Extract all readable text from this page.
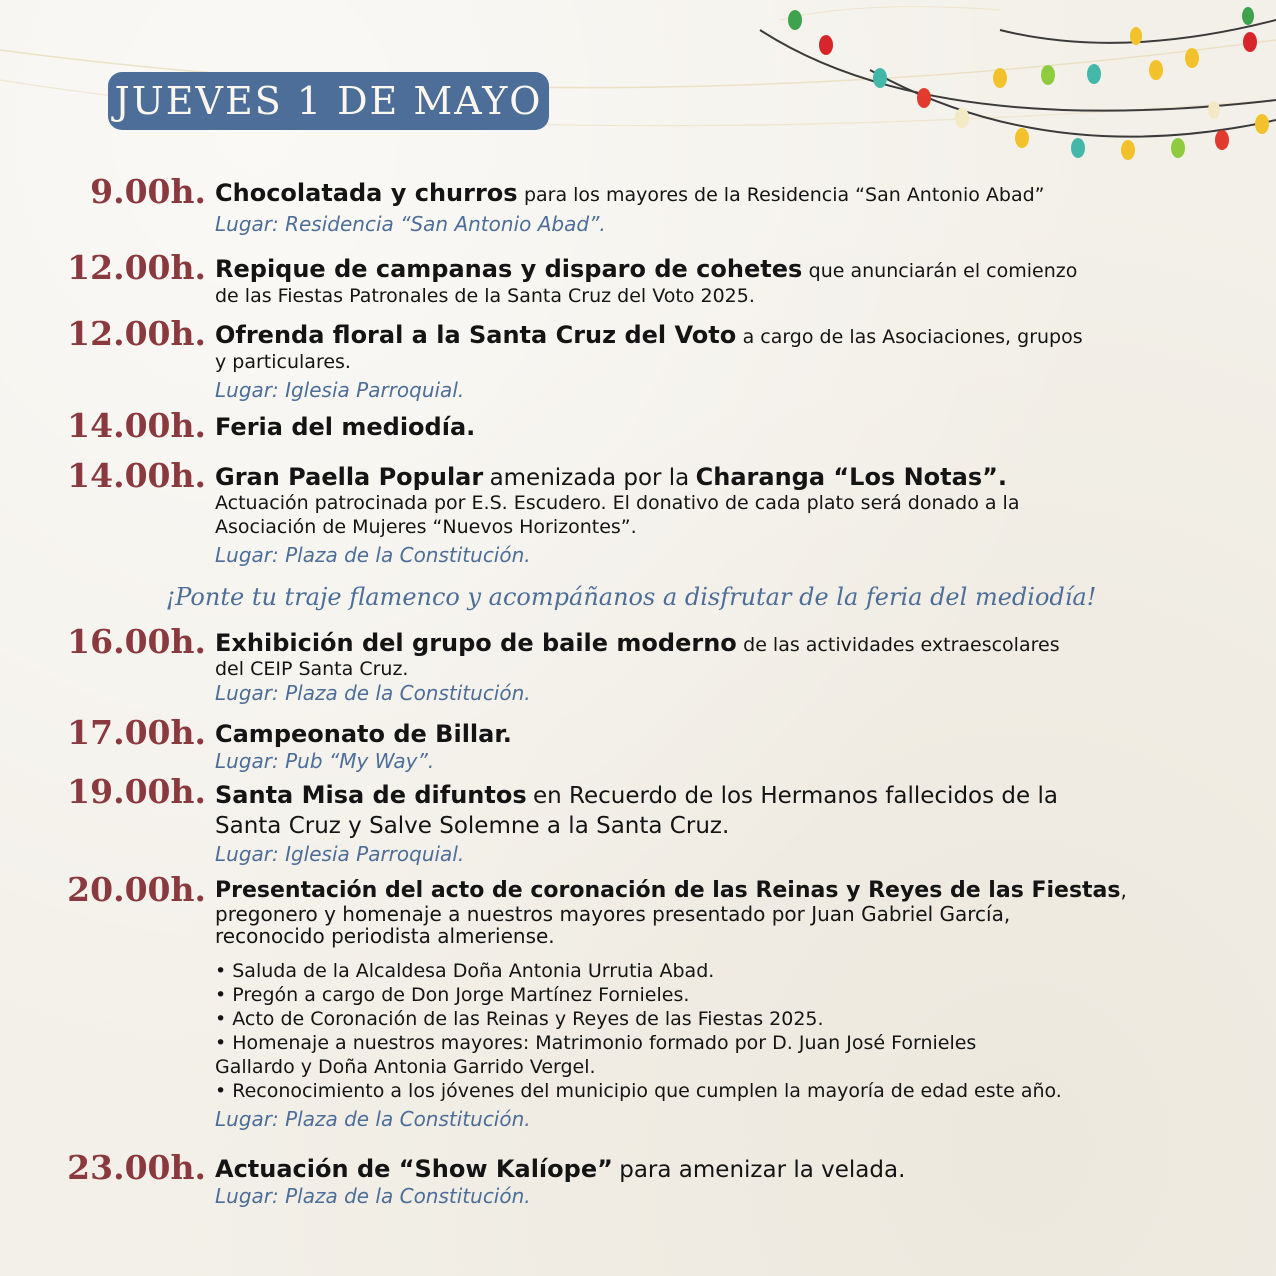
JUEVES 1 DE MAYO
9.00h. Chocolatada y churros para los mayores de la Residencia “San Antonio Abad”
Lugar: Residencia “San Antonio Abad”.
12.00h. Repique de campanas y disparo de cohetes que anunciarán el comienzo
de las Fiestas Patronales de la Santa Cruz del Voto 2025.
12.00h. Ofrenda floral a la Santa Cruz del Voto a cargo de las Asociaciones, grupos
y particulares.
Lugar: Iglesia Parroquial.
14.00h. Feria del mediodía.
14.00h. Gran Paella Popular amenizada por la Charanga “Los Notas”.
Actuación patrocinada por E.S. Escudero. El donativo de cada plato será donado a la
Asociación de Mujeres “Nuevos Horizontes”.
Lugar: Plaza de la Constitución.
¡Ponte tu traje flamenco y acompáñanos a disfrutar de la feria del mediodía!
16.00h. Exhibición del grupo de baile moderno de las actividades extraescolares
del CEIP Santa Cruz.
Lugar: Plaza de la Constitución.
17.00h. Campeonato de Billar.
Lugar: Pub “My Way”.
19.00h. Santa Misa de difuntos en Recuerdo de los Hermanos fallecidos de la
Santa Cruz y Salve Solemne a la Santa Cruz.
Lugar: Iglesia Parroquial.
20.00h. Presentación del acto de coronación de las Reinas y Reyes de las Fiestas,
pregonero y homenaje a nuestros mayores presentado por Juan Gabriel García,
reconocido periodista almeriense.
• Saluda de la Alcaldesa Doña Antonia Urrutia Abad.
• Pregón a cargo de Don Jorge Martínez Fornieles.
• Acto de Coronación de las Reinas y Reyes de las Fiestas 2025.
• Homenaje a nuestros mayores: Matrimonio formado por D. Juan José Fornieles
Gallardo y Doña Antonia Garrido Vergel.
• Reconocimiento a los jóvenes del municipio que cumplen la mayoría de edad este año.
Lugar: Plaza de la Constitución.
23.00h. Actuación de “Show Kalíope” para amenizar la velada.
Lugar: Plaza de la Constitución.
